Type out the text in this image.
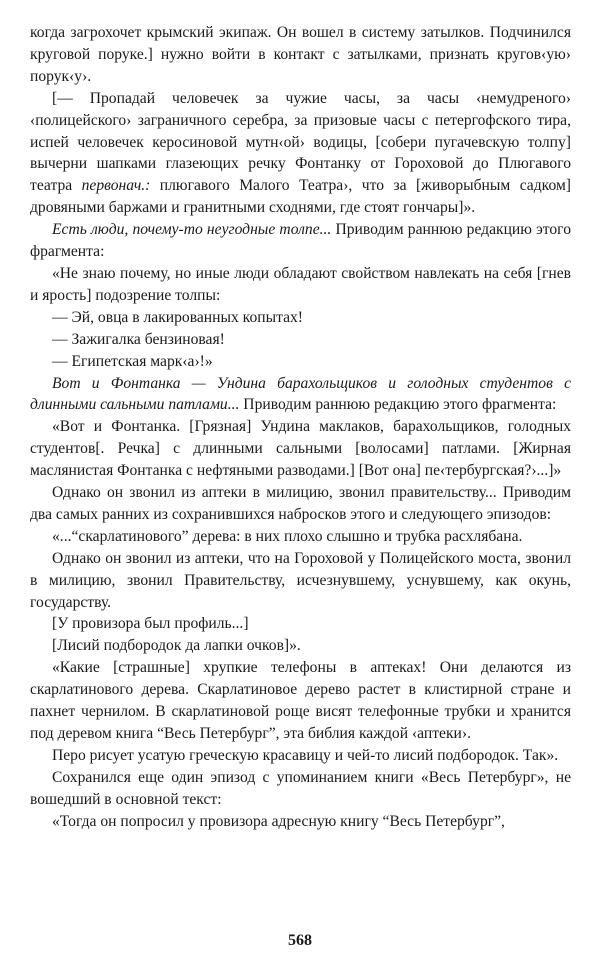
когда загрохочет крымский экипаж. Он вошел в систему затылков. Подчинился круговой поруке.] нужно войти в контакт с затылками, признать кругов‹ую› порук‹у›.

[— Пропадай человечек за чужие часы, за часы ‹немудреного› ‹полицейского› заграничного серебра, за призовые часы с петергофского тира, испей человечек керосиновой мутн‹ой› водицы, [собери пугачевскую толпу] вычерни шапками глазеющих речку Фонтанку от Гороховой до Плюгавого театра первонач.: плюгавого Малого Театра›, что за [живорыбным садком] дровяными баржами и гранитными сходнями, где стоят гончары]».

Есть люди, почему-то неугодные толпе... Приводим раннюю редакцию этого фрагмента:

«Не знаю почему, но иные люди обладают свойством навлекать на себя [гнев и ярость] подозрение толпы:

— Эй, овца в лакированных копытах!

— Зажигалка бензиновая!

— Египетская марк‹а›!»

Вот и Фонтанка — Ундина барахольщиков и голодных студентов с длинными сальными патлами... Приводим раннюю редакцию этого фрагмента:

«Вот и Фонтанка. [Грязная] Ундина маклаков, барахольщиков, голодных студентов[. Речка] с длинными сальными [волосами] патлами. [Жирная маслянистая Фонтанка с нефтяными разводами.] [Вот она] пе‹тербургская?›...]»

Однако он звонил из аптеки в милицию, звонил правительству... Приводим два самых ранних из сохранившихся набросков этого и следующего эпизодов:

«...“скарлатинового” дерева: в них плохо слышно и трубка расхлябана.

Однако он звонил из аптеки, что на Гороховой у Полицейского моста, звонил в милицию, звонил Правительству, исчезнувшему, уснувшему, как окунь, государству.

[У провизора был профиль...]

[Лисий подбородок да лапки очков]».

«Какие [страшные] хрупкие телефоны в аптеках! Они делаются из скарлатинового дерева. Скарлатиновое дерево растет в клистирной стране и пахнет чернилом. В скарлатиновой роще висят телефонные трубки и хранится под деревом книга “Весь Петербург”, эта библия каждой ‹аптеки›.

Перо рисует усатую греческую красавицу и чей-то лисий подбородок. Так».

Сохранился еще один эпизод с упоминанием книги «Весь Петербург», не вошедший в основной текст:

«Тогда он попросил у провизора адресную книгу “Весь Петербург”,

568
